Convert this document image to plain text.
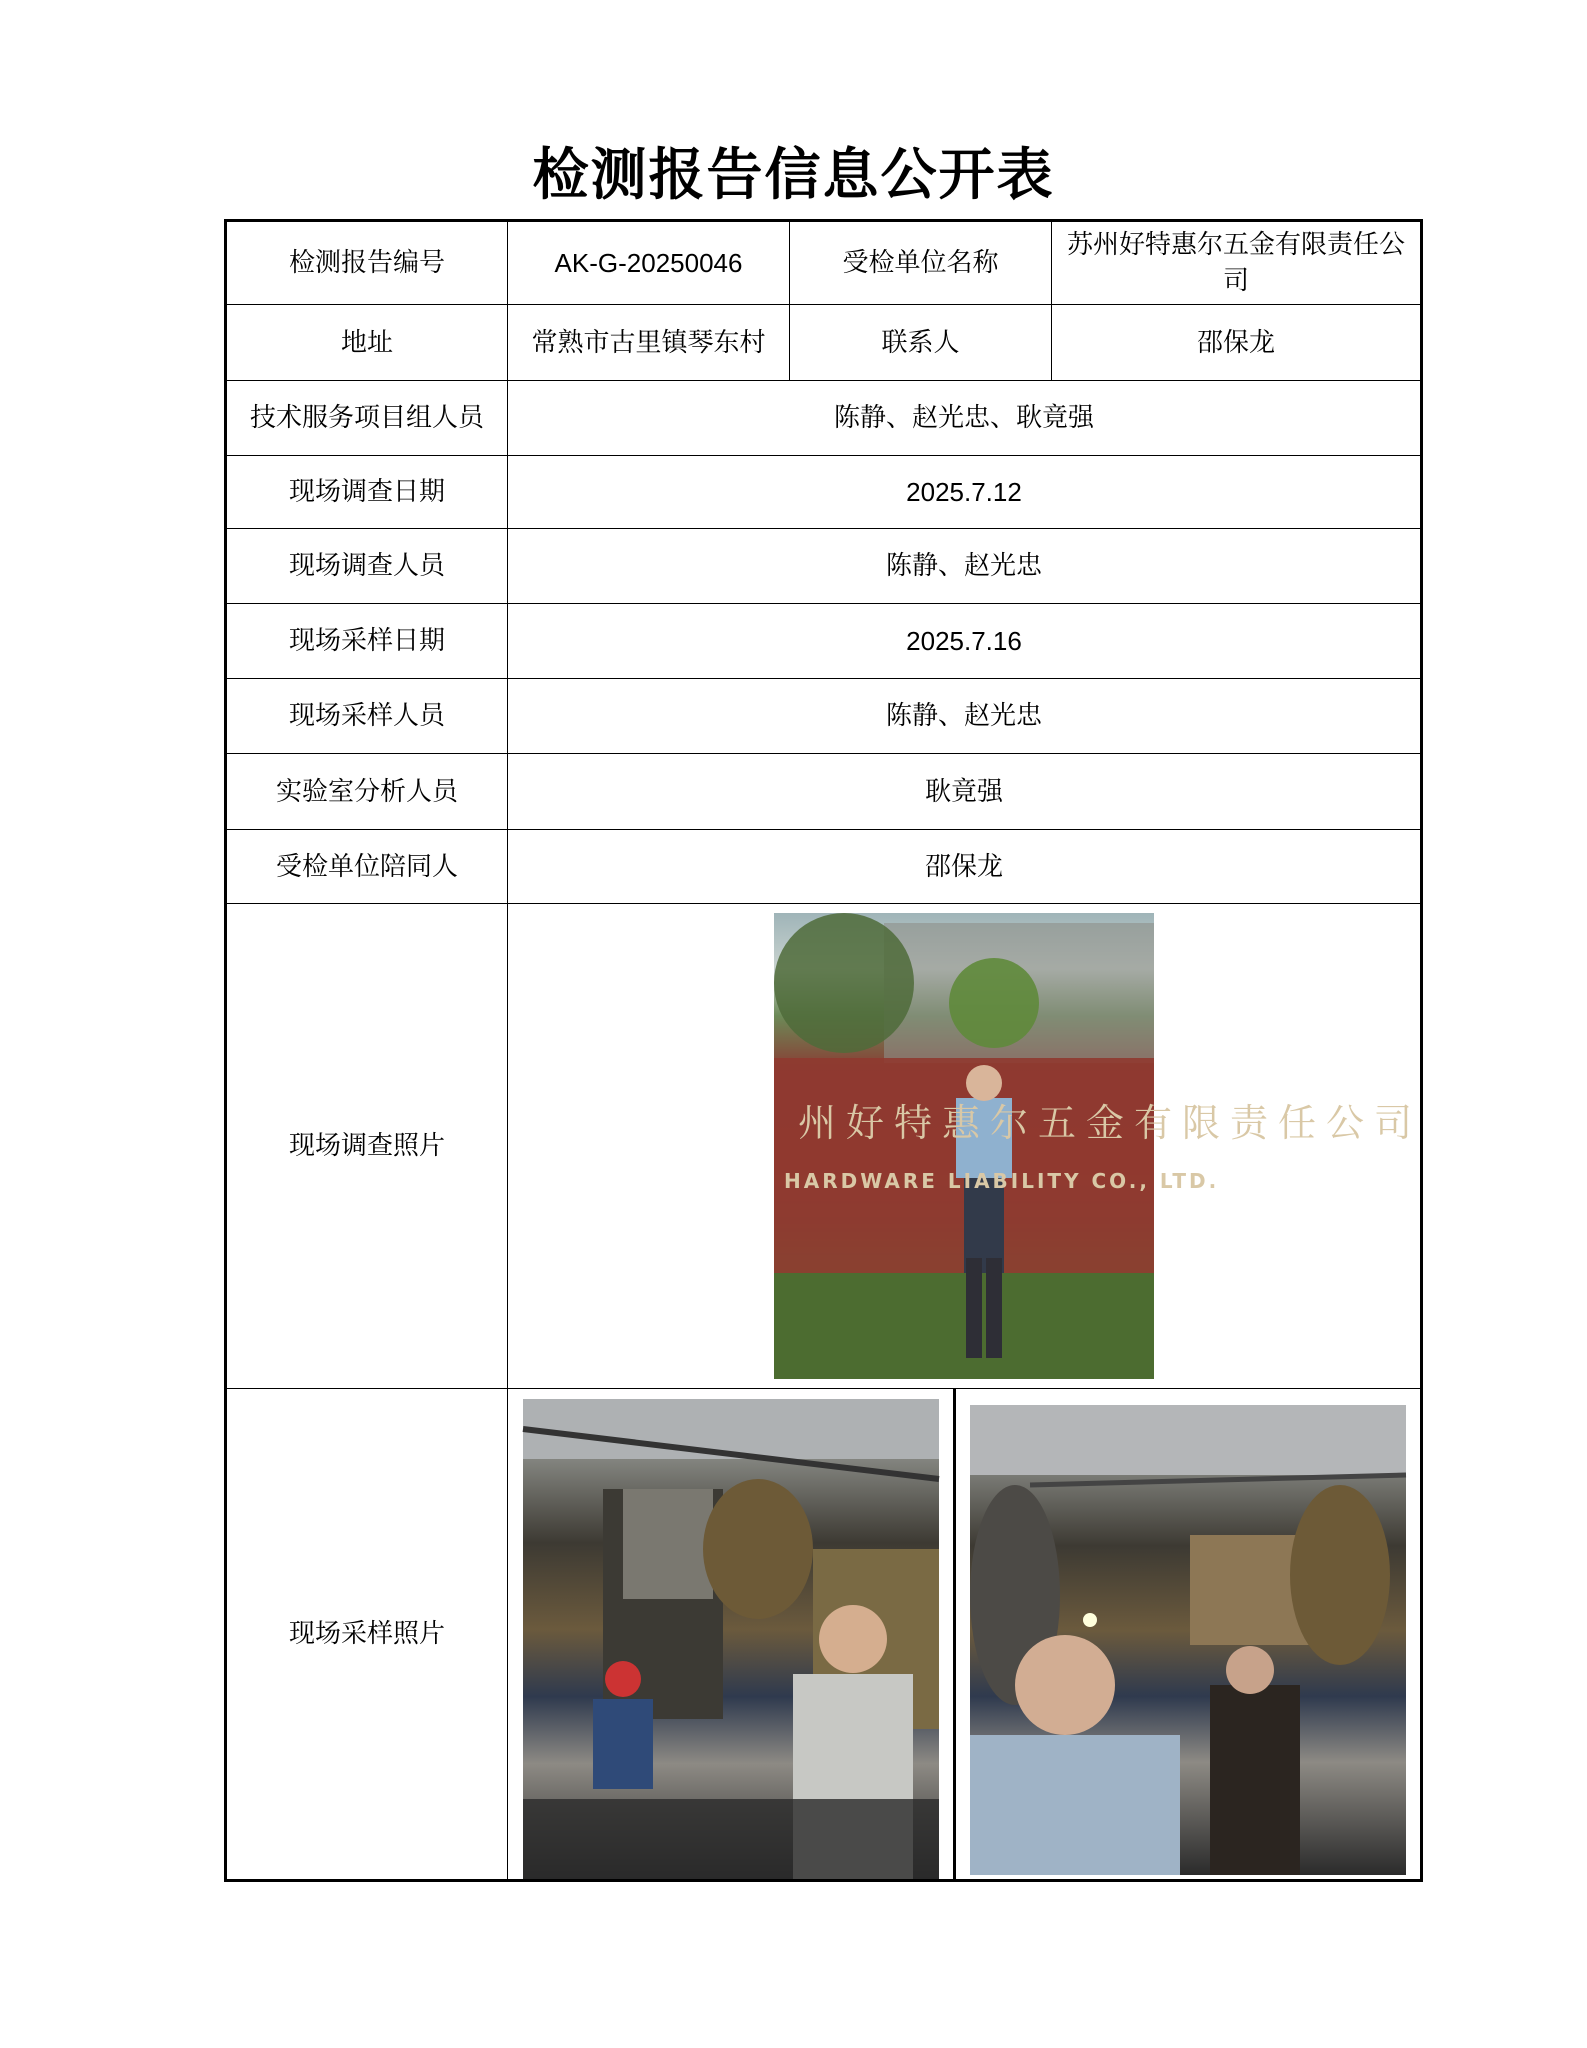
检测报告信息公开表
检测报告编号	AK-G-20250046	受检单位名称	苏州好特惠尔五金有限责任公司
地址	常熟市古里镇琴东村	联系人	邵保龙
技术服务项目组人员	陈静、赵光忠、耿竟强		
现场调查日期	2025.7.12		
现场调查人员	陈静、赵光忠		
现场采样日期	2025.7.16		
现场采样人员	陈静、赵光忠		
实验室分析人员	耿竟强		
受检单位陪同人	邵保龙		
现场调查照片	州好特惠尔五金有限责任公司
HARDWARE LIABILITY CO., LTD.		

现场采样照片	
